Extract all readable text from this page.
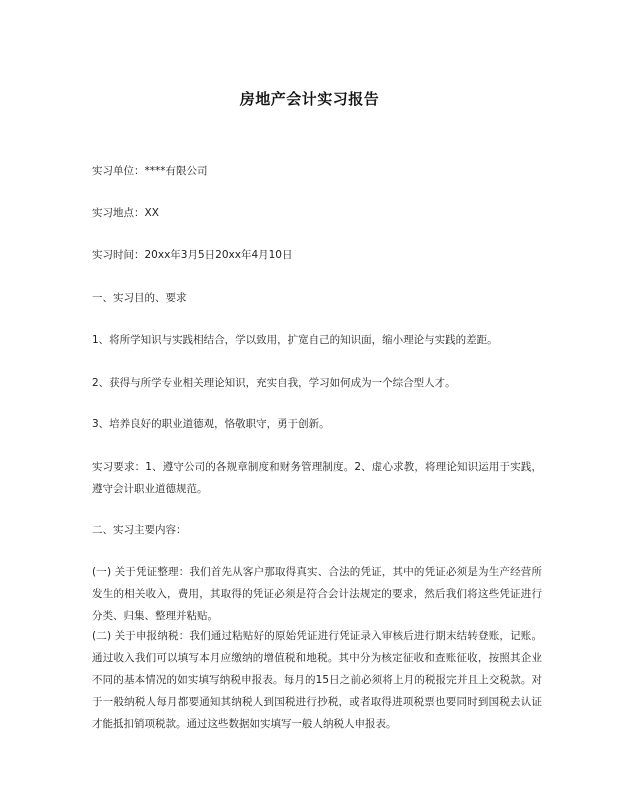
房地产会计实习报告
实习单位：****有限公司
实习地点：XX
实习时间：20xx年3月5日20xx年4月10日
一、实习目的、要求
1、将所学知识与实践相结合，学以致用，扩宽自己的知识面，缩小理论与实践的差距。
2、获得与所学专业相关理论知识，充实自我，学习如何成为一个综合型人才。
3、培养良好的职业道德观，恪敬职守，勇于创新。
实习要求：1、遵守公司的各规章制度和财务管理制度。2、虚心求教，将理论知识运用于实践，遵守会计职业道德规范。
二、实习主要内容：
(一) 关于凭证整理：我们首先从客户那取得真实、合法的凭证，其中的凭证必须是为生产经营所发生的相关收入，费用，其取得的凭证必须是符合会计法规定的要求，然后我们将这些凭证进行分类、归集、整理并粘贴。
(二) 关于申报纳税：我们通过粘贴好的原始凭证进行凭证录入审核后进行期末结转登账，记账。通过收入我们可以填写本月应缴纳的增值税和地税。其中分为核定征收和查账征收，按照其企业不同的基本情况的如实填写纳税申报表。每月的15日之前必须将上月的税报完并且上交税款。对于一般纳税人每月都要通知其纳税人到国税进行抄税，或者取得进项税票也要同时到国税去认证才能抵扣销项税款。通过这些数据如实填写一般人纳税人申报表。
